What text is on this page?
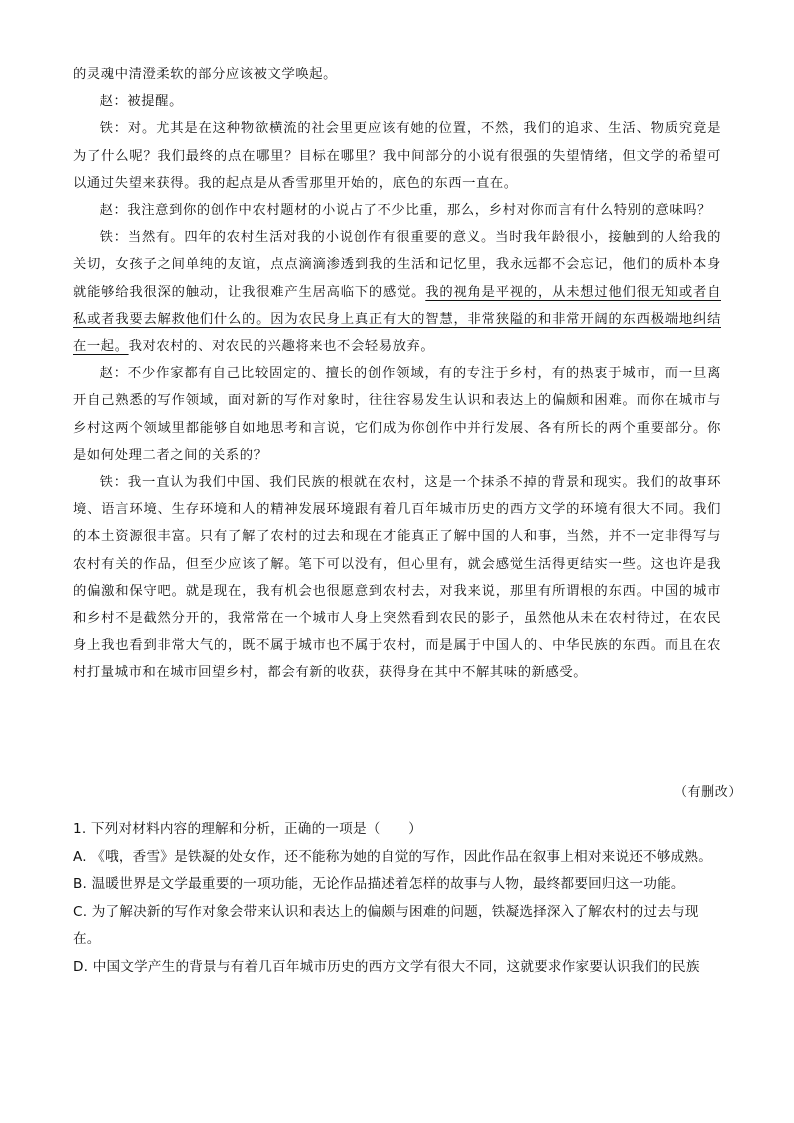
的灵魂中清澄柔软的部分应该被文学唤起。

赵：被提醒。

铁：对。尤其是在这种物欲横流的社会里更应该有她的位置，不然，我们的追求、生活、物质究竟是为了什么呢？我们最终的点在哪里？目标在哪里？我中间部分的小说有很强的失望情绪，但文学的希望可以通过失望来获得。我的起点是从香雪那里开始的，底色的东西一直在。

赵：我注意到你的创作中农村题材的小说占了不少比重，那么，乡村对你而言有什么特别的意味吗？

铁：当然有。四年的农村生活对我的小说创作有很重要的意义。当时我年龄很小，接触到的人给我的关切，女孩子之间单纯的友谊，点点滴滴渗透到我的生活和记忆里，我永远都不会忘记，他们的质朴本身就能够给我很深的触动，让我很难产生居高临下的感觉。我的视角是平视的，从未想过他们很无知或者自私或者我要去解救他们什么的。因为农民身上真正有大的智慧，非常狭隘的和非常开阔的东西极端地纠结在一起。我对农村的、对农民的兴趣将来也不会轻易放弃。

赵：不少作家都有自己比较固定的、擅长的创作领域，有的专注于乡村，有的热衷于城市，而一旦离开自己熟悉的写作领域，面对新的写作对象时，往往容易发生认识和表达上的偏颇和困难。而你在城市与乡村这两个领域里都能够自如地思考和言说，它们成为你创作中并行发展、各有所长的两个重要部分。你是如何处理二者之间的关系的？

铁：我一直认为我们中国、我们民族的根就在农村，这是一个抹杀不掉的背景和现实。我们的故事环境、语言环境、生存环境和人的精神发展环境跟有着几百年城市历史的西方文学的环境有很大不同。我们的本土资源很丰富。只有了解了农村的过去和现在才能真正了解中国的人和事，当然，并不一定非得写与农村有关的作品，但至少应该了解。笔下可以没有，但心里有，就会感觉生活得更结实一些。这也许是我的偏激和保守吧。就是现在，我有机会也很愿意到农村去，对我来说，那里有所谓根的东西。中国的城市和乡村不是截然分开的，我常常在一个城市人身上突然看到农民的影子，虽然他从未在农村待过，在农民身上我也看到非常大气的，既不属于城市也不属于农村，而是属于中国人的、中华民族的东西。而且在农村打量城市和在城市回望乡村，都会有新的收获，获得身在其中不解其味的新感受。

（有删改）

1. 下列对材料内容的理解和分析，正确的一项是（　　）

A. 《哦，香雪》是铁凝的处女作，还不能称为她的自觉的写作，因此作品在叙事上相对来说还不够成熟。

B. 温暖世界是文学最重要的一项功能，无论作品描述着怎样的故事与人物，最终都要回归这一功能。

C. 为了解决新的写作对象会带来认识和表达上的偏颇与困难的问题，铁凝选择深入了解农村的过去与现在。

D. 中国文学产生的背景与有着几百年城市历史的西方文学有很大不同，这就要求作家要认识我们的民族
